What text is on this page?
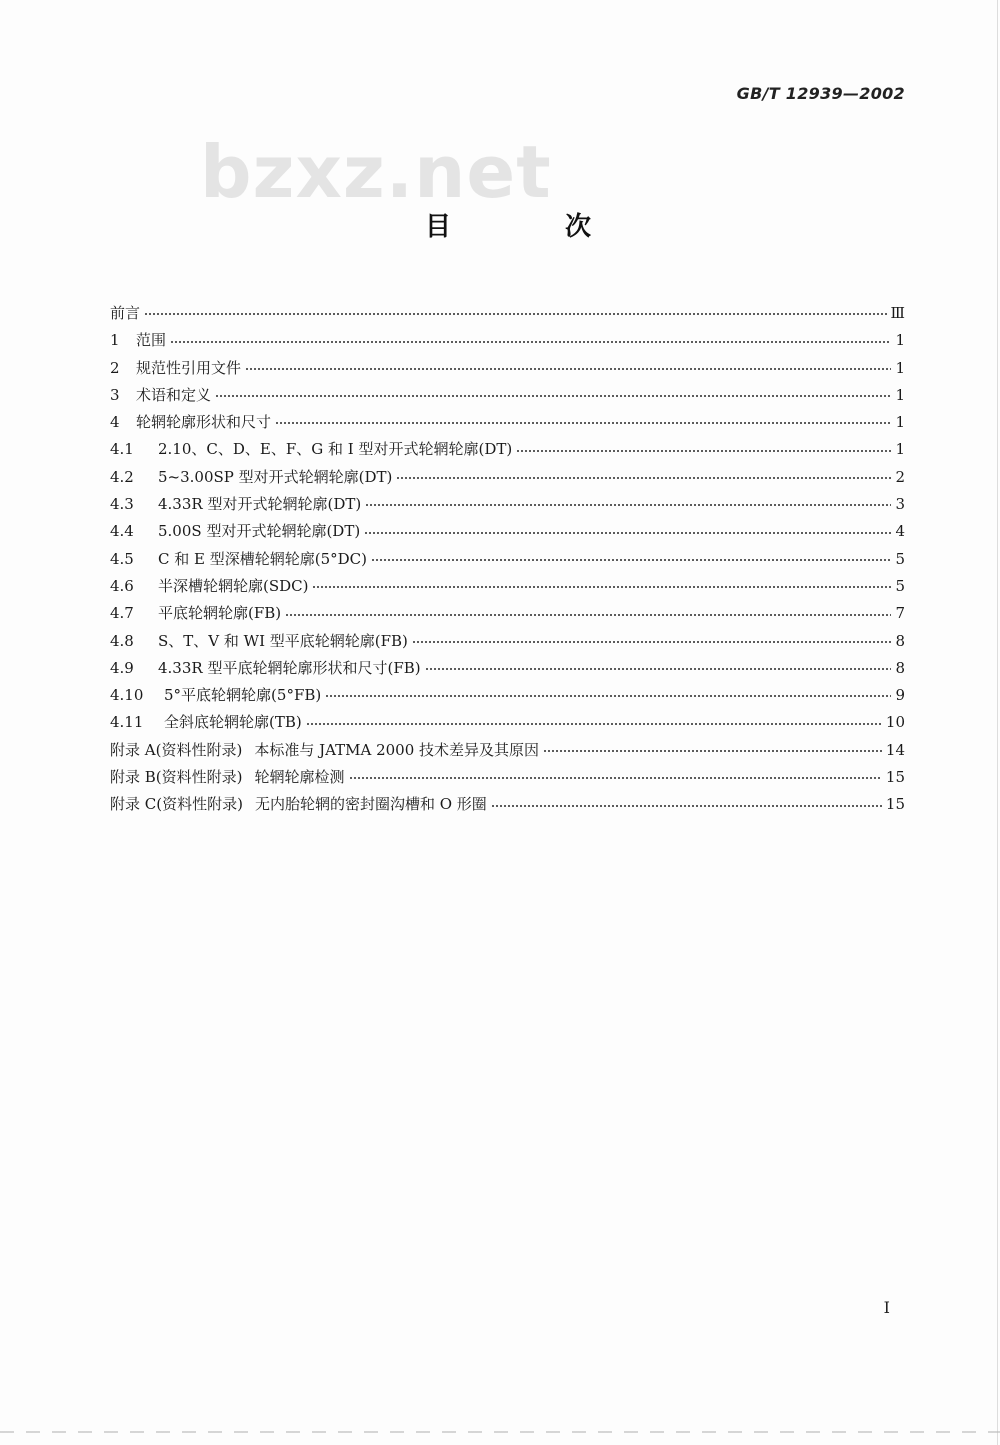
GB/T 12939—2002
bzxz.net
目　次
前言	Ⅲ
1	范围	1
2	规范性引用文件	1
3	术语和定义	1
4	轮辋轮廓形状和尺寸	1
4.1	2.10、C、D、E、F、G 和 I 型对开式轮辋轮廓(DT)	1
4.2	5~3.00SP 型对开式轮辋轮廓(DT)	2
4.3	4.33R 型对开式轮辋轮廓(DT)	3
4.4	5.00S 型对开式轮辋轮廓(DT)	4
4.5	C 和 E 型深槽轮辋轮廓(5°DC)	5
4.6	半深槽轮辋轮廓(SDC)	5
4.7	平底轮辋轮廓(FB)	7
4.8	S、T、V 和 WI 型平底轮辋轮廓(FB)	8
4.9	4.33R 型平底轮辋轮廓形状和尺寸(FB)	8
4.10	5°平底轮辋轮廓(5°FB)	9
4.11	全斜底轮辋轮廓(TB)	10
附录 A(资料性附录) 本标准与 JATMA 2000 技术差异及其原因	14
附录 B(资料性附录) 轮辋轮廓检测	15
附录 C(资料性附录) 无内胎轮辋的密封圈沟槽和 O 形圈	15
I
